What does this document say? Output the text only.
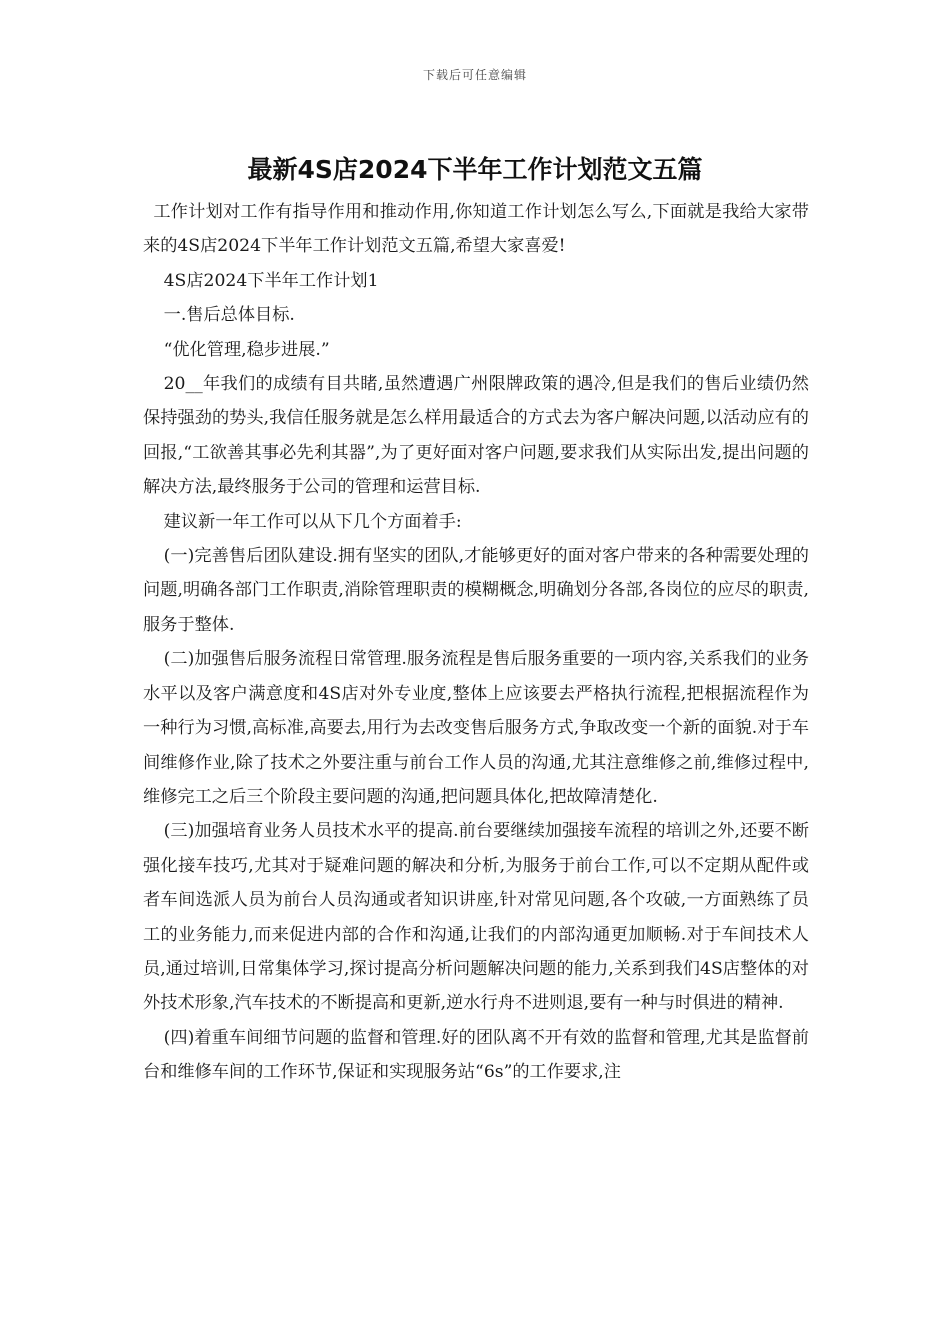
下载后可任意编辑
最新4S店2024下半年工作计划范文五篇

工作计划对工作有指导作用和推动作用,你知道工作计划怎么写么,下面就是我给大家带来的4S店2024下半年工作计划范文五篇,希望大家喜爱!

4S店2024下半年工作计划1

一.售后总体目标.

“优化管理,稳步进展.”

20__年我们的成绩有目共睹,虽然遭遇广州限牌政策的遇冷,但是我们的售后业绩仍然保持强劲的势头,我信任服务就是怎么样用最适合的方式去为客户解决问题,以活动应有的回报,“工欲善其事必先利其器”,为了更好面对客户问题,要求我们从实际出发,提出问题的解决方法,最终服务于公司的管理和运营目标.

建议新一年工作可以从下几个方面着手:

(一)完善售后团队建设.拥有坚实的团队,才能够更好的面对客户带来的各种需要处理的问题,明确各部门工作职责,消除管理职责的模糊概念,明确划分各部,各岗位的应尽的职责,服务于整体.

(二)加强售后服务流程日常管理.服务流程是售后服务重要的一项内容,关系我们的业务水平以及客户满意度和4S店对外专业度,整体上应该要去严格执行流程,把根据流程作为一种行为习惯,高标准,高要去,用行为去改变售后服务方式,争取改变一个新的面貌.对于车间维修作业,除了技术之外要注重与前台工作人员的沟通,尤其注意维修之前,维修过程中,维修完工之后三个阶段主要问题的沟通,把问题具体化,把故障清楚化.

(三)加强培育业务人员技术水平的提高.前台要继续加强接车流程的培训之外,还要不断强化接车技巧,尤其对于疑难问题的解决和分析,为服务于前台工作,可以不定期从配件或者车间选派人员为前台人员沟通或者知识讲座,针对常见问题,各个攻破,一方面熟练了员工的业务能力,而来促进内部的合作和沟通,让我们的内部沟通更加顺畅.对于车间技术人员,通过培训,日常集体学习,探讨提高分析问题解决问题的能力,关系到我们4S店整体的对外技术形象,汽车技术的不断提高和更新,逆水行舟不进则退,要有一种与时俱进的精神.

(四)着重车间细节问题的监督和管理.好的团队离不开有效的监督和管理,尤其是监督前台和维修车间的工作环节,保证和实现服务站“6s”的工作要求,注
